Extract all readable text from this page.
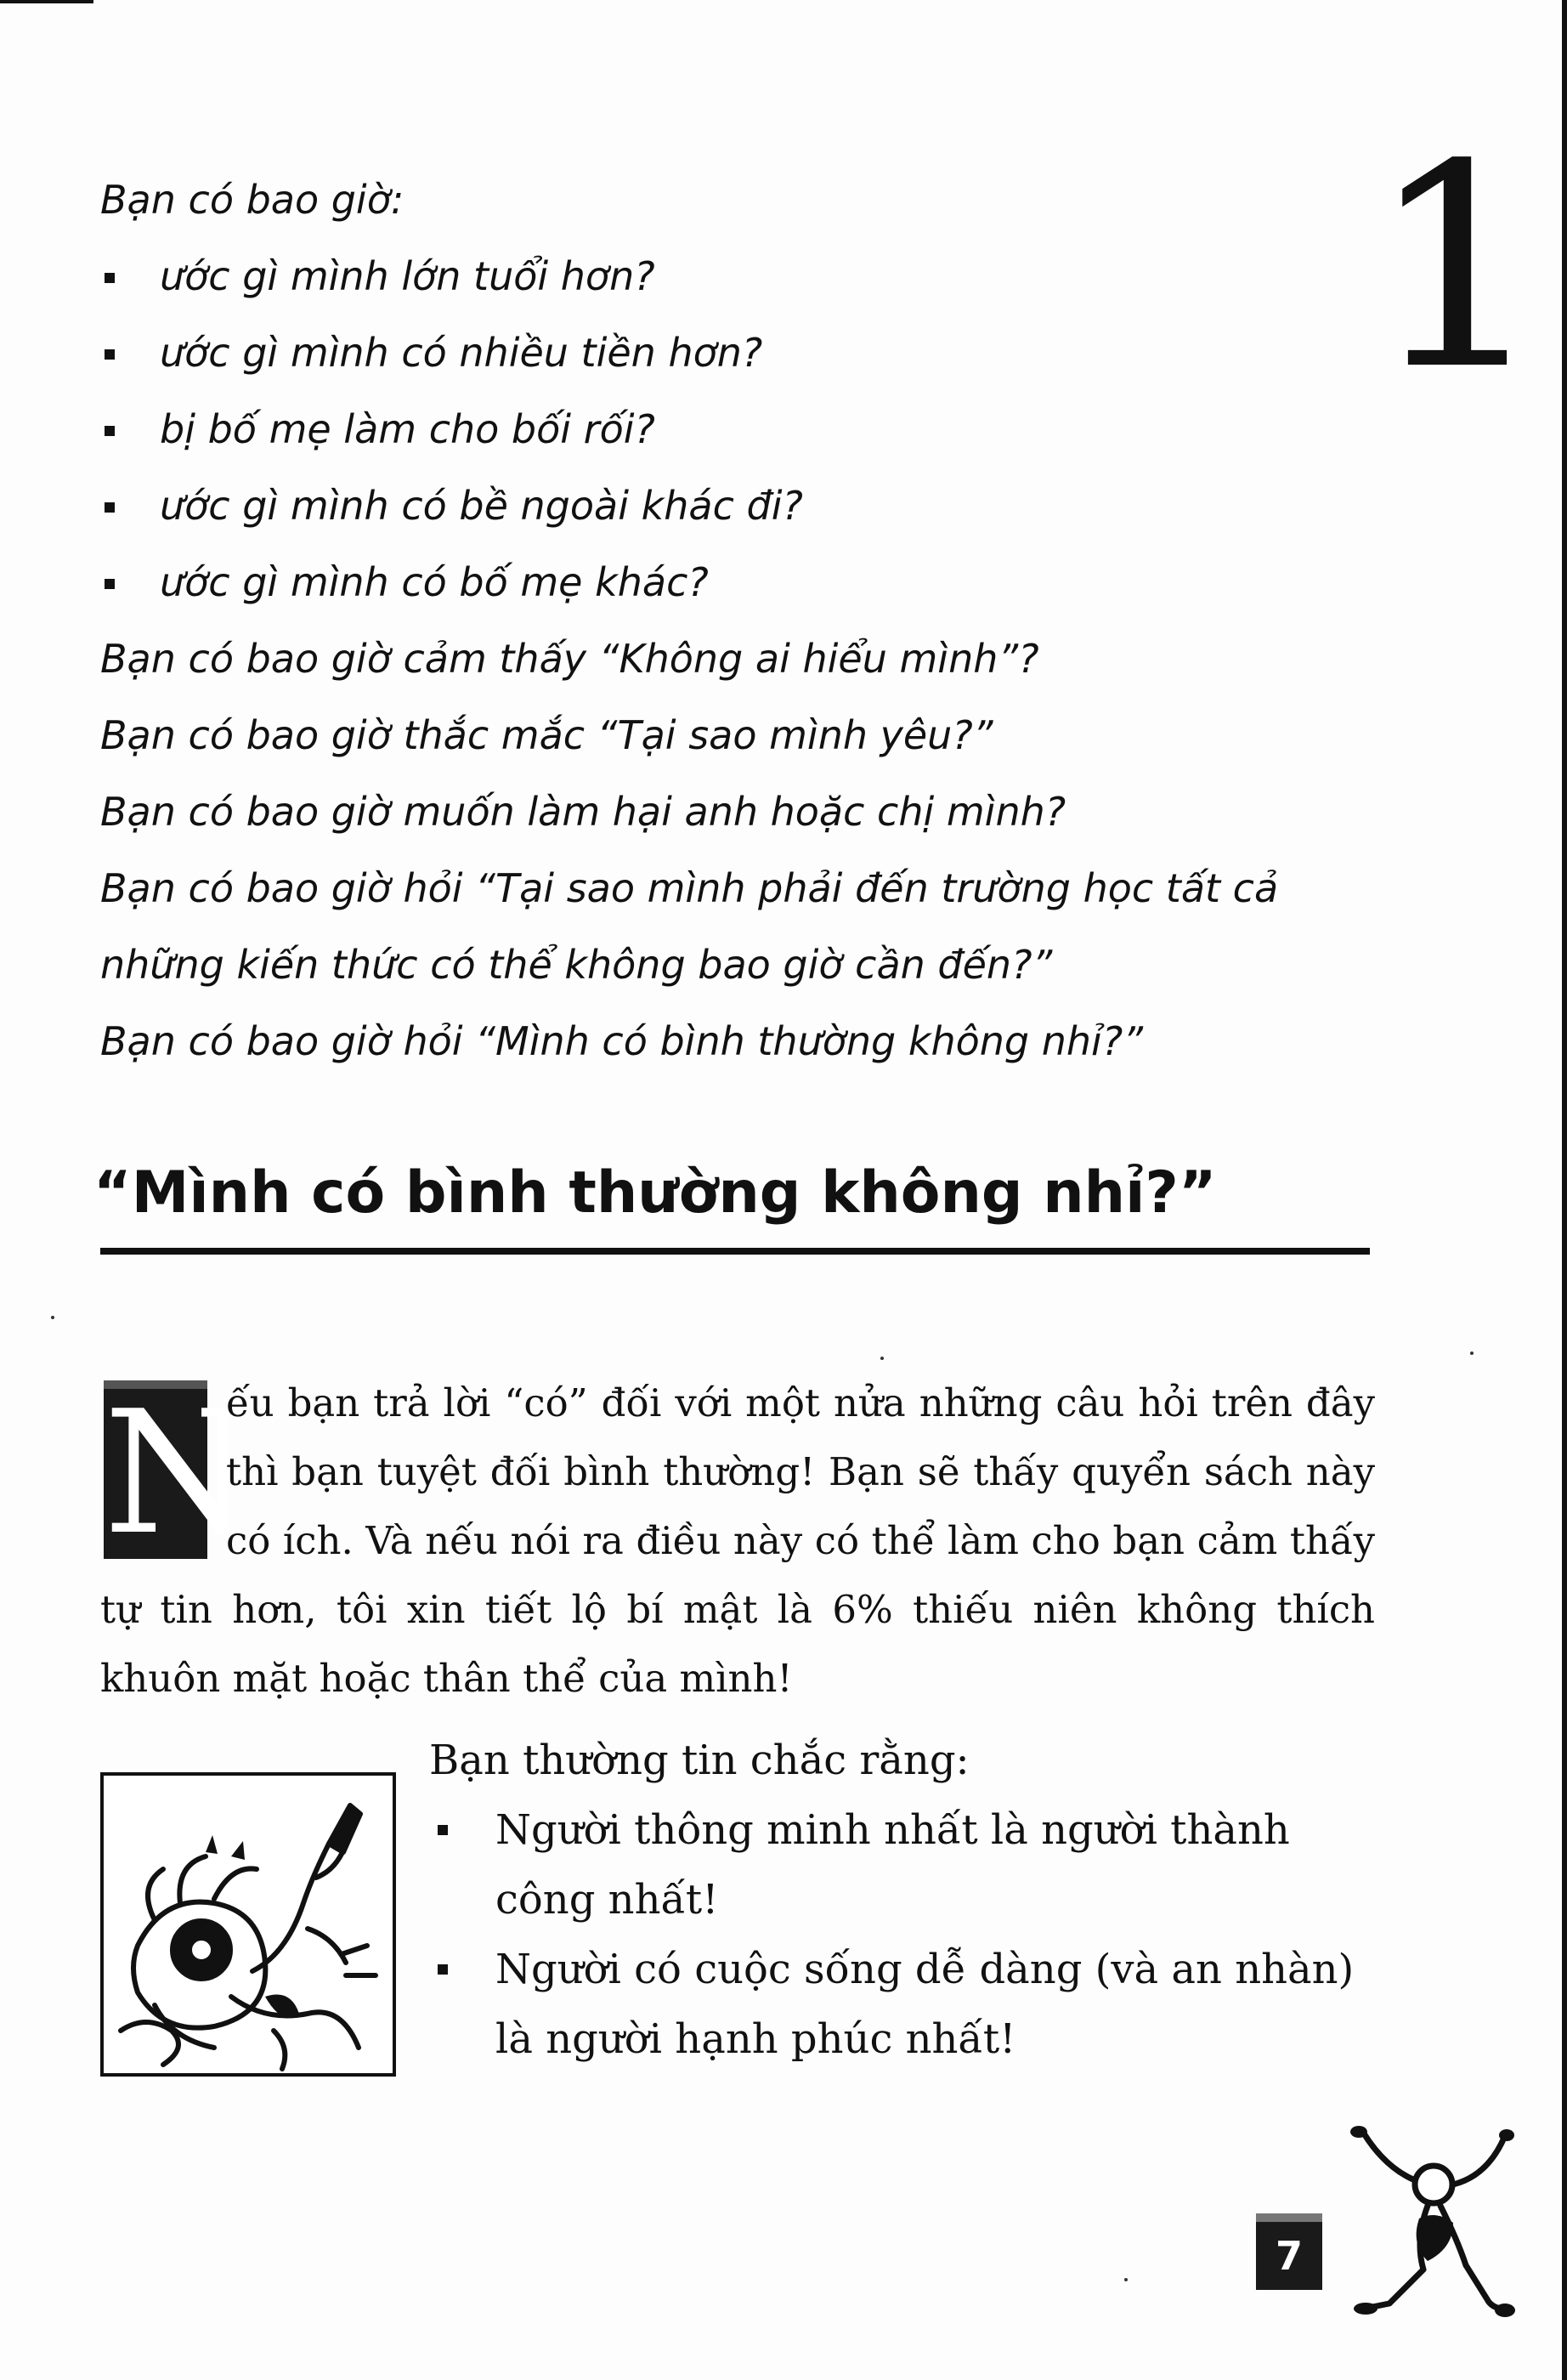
1
Bạn có bao giờ:
ước gì mình lớn tuổi hơn?
ước gì mình có nhiều tiền hơn?
bị bố mẹ làm cho bối rối?
ước gì mình có bề ngoài khác đi?
ước gì mình có bố mẹ khác?
Bạn có bao giờ cảm thấy “Không ai hiểu mình”?
Bạn có bao giờ thắc mắc “Tại sao mình yêu?”
Bạn có bao giờ muốn làm hại anh hoặc chị mình?
Bạn có bao giờ hỏi “Tại sao mình phải đến trường học tất cả
những kiến thức có thể không bao giờ cần đến?”
Bạn có bao giờ hỏi “Mình có bình thường không nhỉ?”
“Mình có bình thường không nhỉ?”
N
ếu bạn trả lời “có” đối với một nửa những câu hỏi trên đây thì bạn tuyệt đối bình thường! Bạn sẽ thấy quyển sách này có ích. Và nếu nói ra điều này có thể làm cho bạn cảm thấy tự tin hơn, tôi xin tiết lộ bí mật là 6% thiếu niên không thích khuôn mặt hoặc thân thể của mình!
Bạn thường tin chắc rằng:
Người thông minh nhất là người thành công nhất!
Người có cuộc sống dễ dàng (và an nhàn) là người hạnh phúc nhất!
7
